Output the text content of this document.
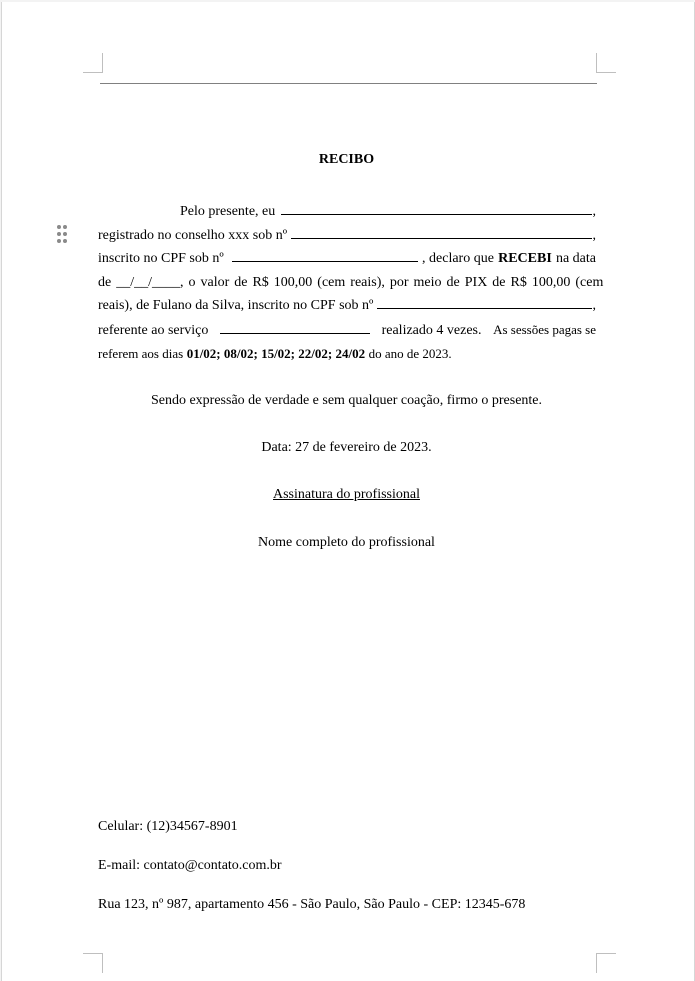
RECIBO
Pelo presente, eu	,
registrado no conselho xxx sob nº	,
inscrito no CPF sob nº	, declaro que RECEBI na data
de __/__/____, o valor de R$ 100,00 (cem reais), por meio de PIX de R$ 100,00 (cem
reais), de Fulano da Silva, inscrito no CPF sob nº	,
referente ao serviço	realizado 4 vezes. As sessões pagas se
referem aos dias
01/02; 08/02; 15/02; 22/02; 24/02
do ano de 2023.
Sendo expressão de verdade e sem qualquer coação, firmo o presente.
Data: 27 de fevereiro de 2023.
Assinatura do profissional
Nome completo do profissional
Celular: (12)34567-8901
E-mail: contato@contato.com.br
Rua 123, nº 987, apartamento 456 - São Paulo, São Paulo - CEP: 12345-678
